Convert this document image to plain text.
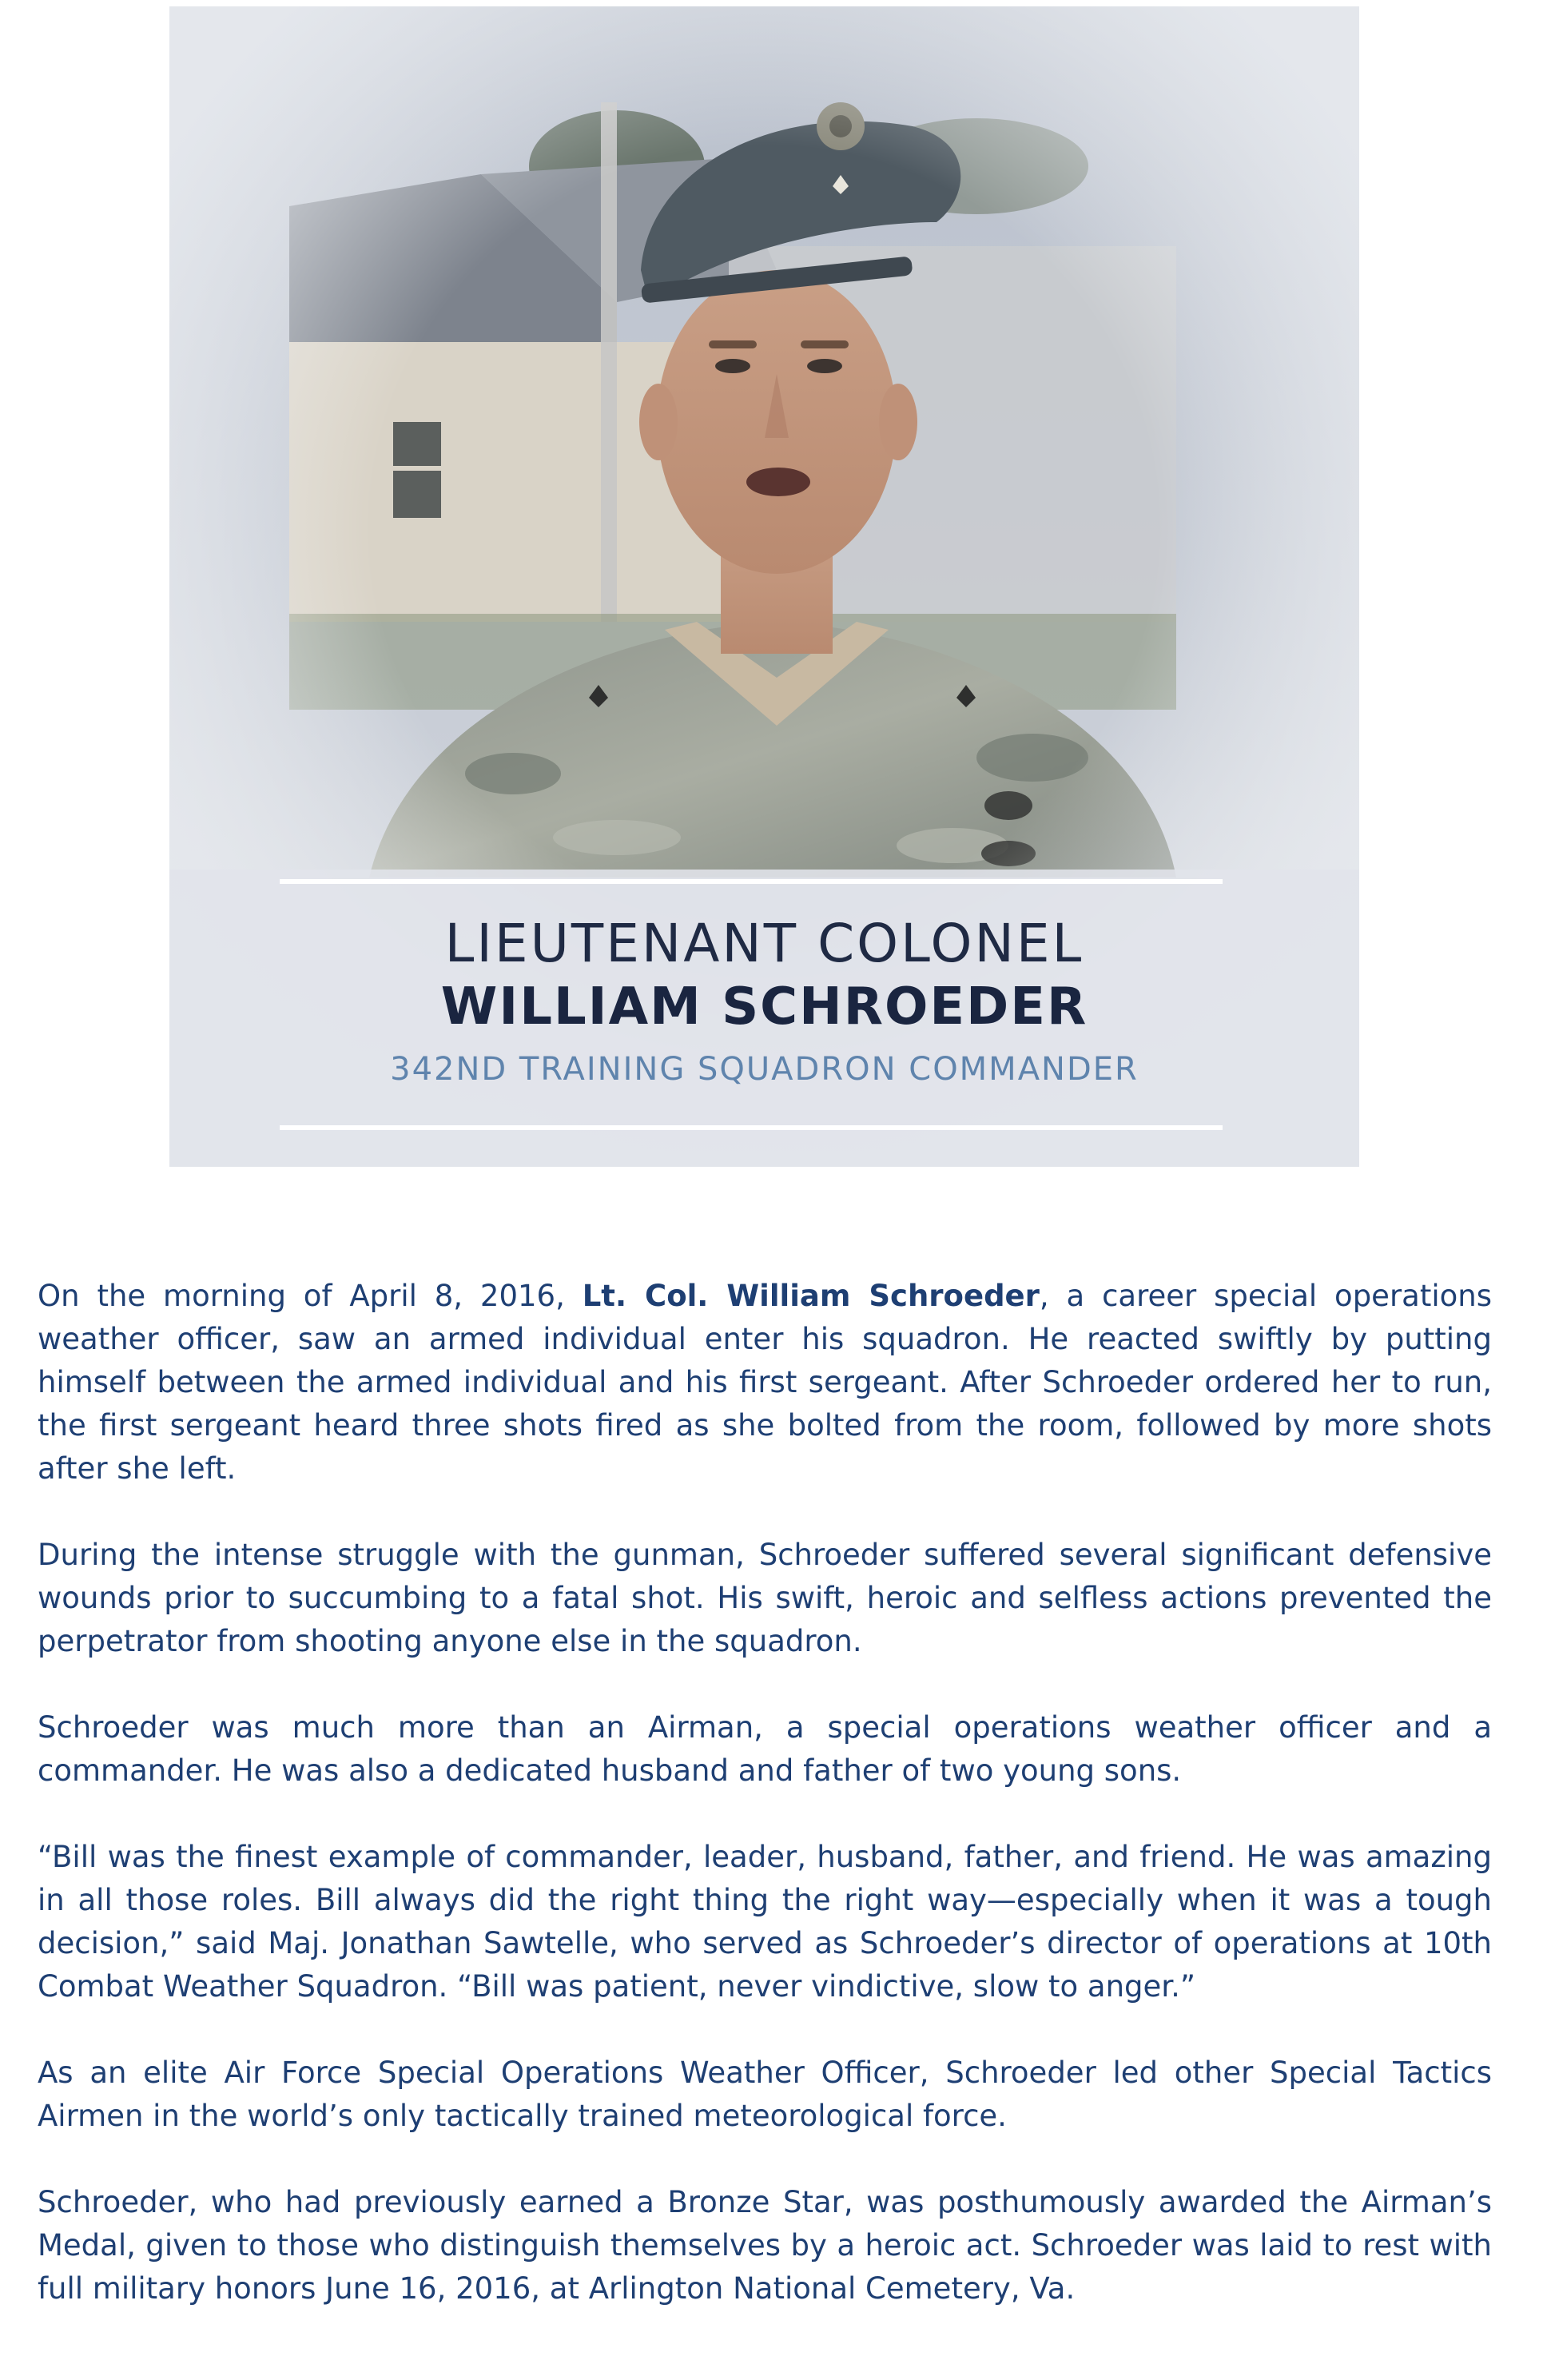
LIEUTENANT COLONEL
WILLIAM SCHROEDER
342ND TRAINING SQUADRON COMMANDER

On the morning of April 8, 2016, Lt. Col. William Schroeder, a career special operations weather officer, saw an armed individual enter his squadron. He reacted swiftly by putting himself between the armed individual and his first sergeant. After Schroeder ordered her to run, the first sergeant heard three shots fired as she bolted from the room, followed by more shots after she left.

During the intense struggle with the gunman, Schroeder suffered several significant defensive wounds prior to succumbing to a fatal shot. His swift, heroic and selfless actions prevented the perpetrator from shooting anyone else in the squadron.

Schroeder was much more than an Airman, a special operations weather officer and a commander. He was also a dedicated husband and father of two young sons.

“Bill was the finest example of commander, leader, husband, father, and friend. He was amazing in all those roles. Bill always did the right thing the right way—especially when it was a tough decision,” said Maj. Jonathan Sawtelle, who served as Schroeder’s director of operations at 10th Combat Weather Squadron. “Bill was patient, never vindictive, slow to anger.”

As an elite Air Force Special Operations Weather Officer, Schroeder led other Special Tactics Airmen in the world’s only tactically trained meteorological force.

Schroeder, who had previously earned a Bronze Star, was posthumously awarded the Airman’s Medal, given to those who distinguish themselves by a heroic act. Schroeder was laid to rest with full military honors June 16, 2016, at Arlington National Cemetery, Va.
